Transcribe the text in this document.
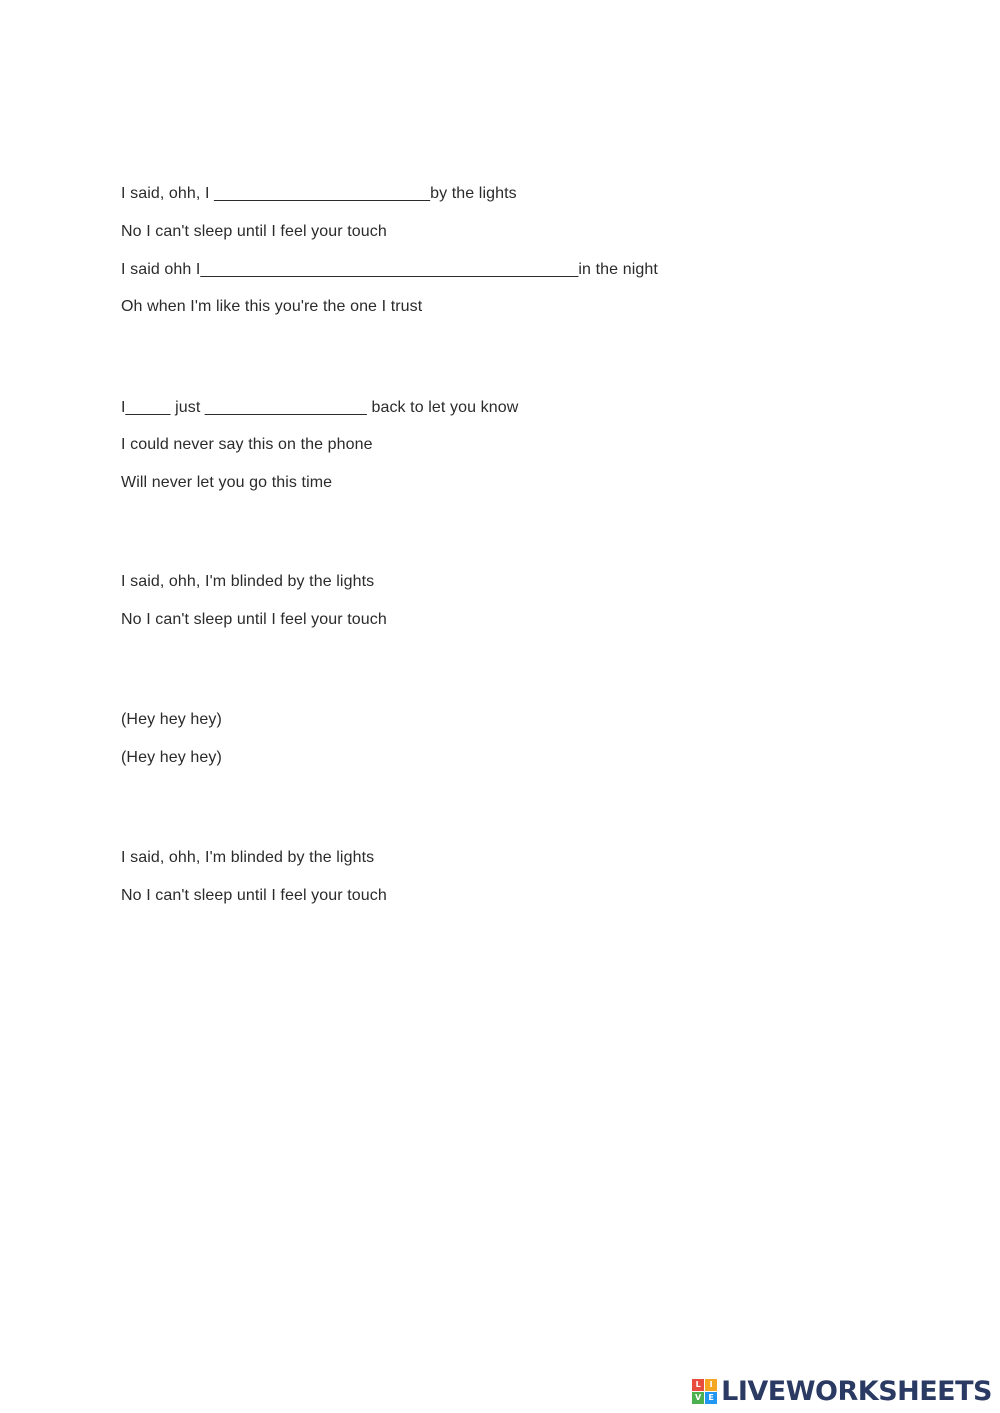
I said, ohh, I ________________________by the lights
No I can't sleep until I feel your touch
I said ohh I__________________________________________in the night
Oh when I'm like this you're the one I trust
I_____ just __________________ back to let you know
I could never say this on the phone
Will never let you go this time
I said, ohh, I'm blinded by the lights
No I can't sleep until I feel your touch
(Hey hey hey)
(Hey hey hey)
I said, ohh, I'm blinded by the lights
No I can't sleep until I feel your touch
L	I
V E LIVEWORKSHEETS
